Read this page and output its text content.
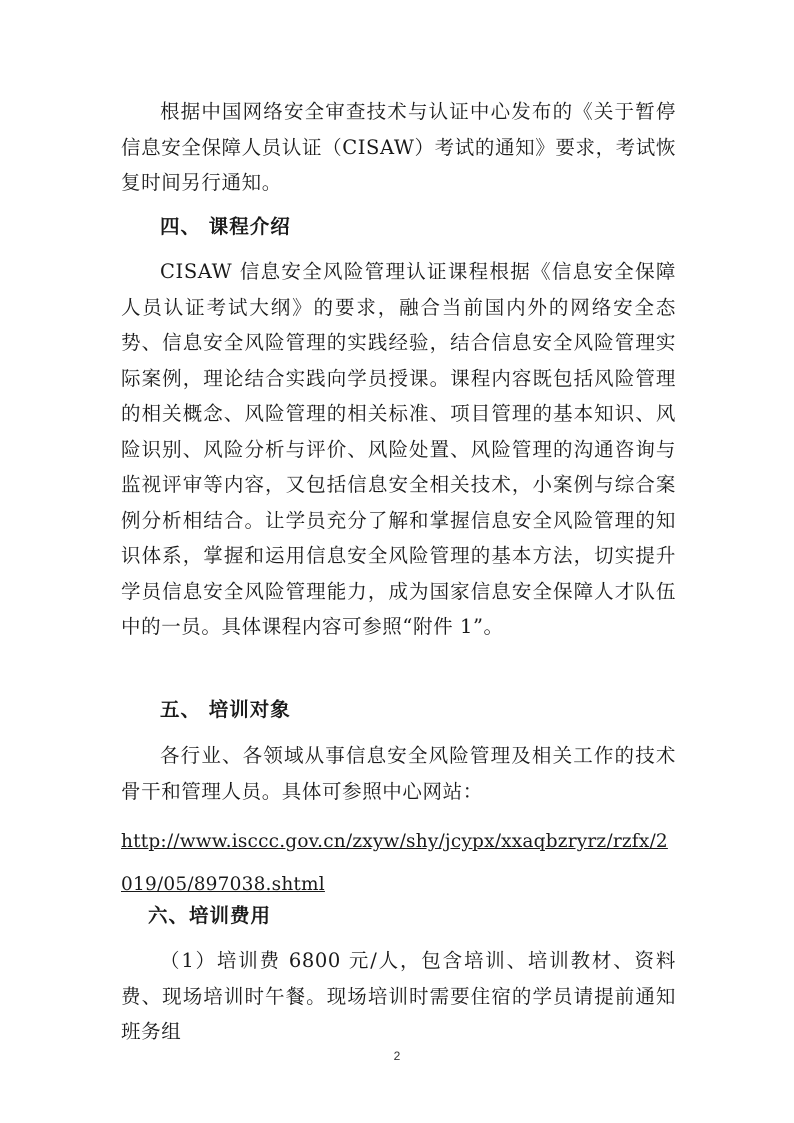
根据中国网络安全审查技术与认证中心发布的《关于暂停信息安全保障人员认证（CISAW）考试的通知》要求，考试恢复时间另行通知。

四、 课程介绍

CISAW 信息安全风险管理认证课程根据《信息安全保障人员认证考试大纲》的要求，融合当前国内外的网络安全态势、信息安全风险管理的实践经验，结合信息安全风险管理实际案例，理论结合实践向学员授课。课程内容既包括风险管理的相关概念、风险管理的相关标准、项目管理的基本知识、风险识别、风险分析与评价、风险处置、风险管理的沟通咨询与监视评审等内容，又包括信息安全相关技术，小案例与综合案例分析相结合。让学员充分了解和掌握信息安全风险管理的知识体系，掌握和运用信息安全风险管理的基本方法，切实提升学员信息安全风险管理能力，成为国家信息安全保障人才队伍中的一员。具体课程内容可参照“附件 1”。

五、 培训对象

各行业、各领域从事信息安全风险管理及相关工作的技术骨干和管理人员。具体可参照中心网站：

http://www.isccc.gov.cn/zxyw/shy/jcypx/xxaqbzryrz/rzfx/2019/05/897038.shtml
六、培训费用

（1）培训费 6800 元/人，包含培训、培训教材、资料费、现场培训时午餐。现场培训时需要住宿的学员请提前通知班务组

2
